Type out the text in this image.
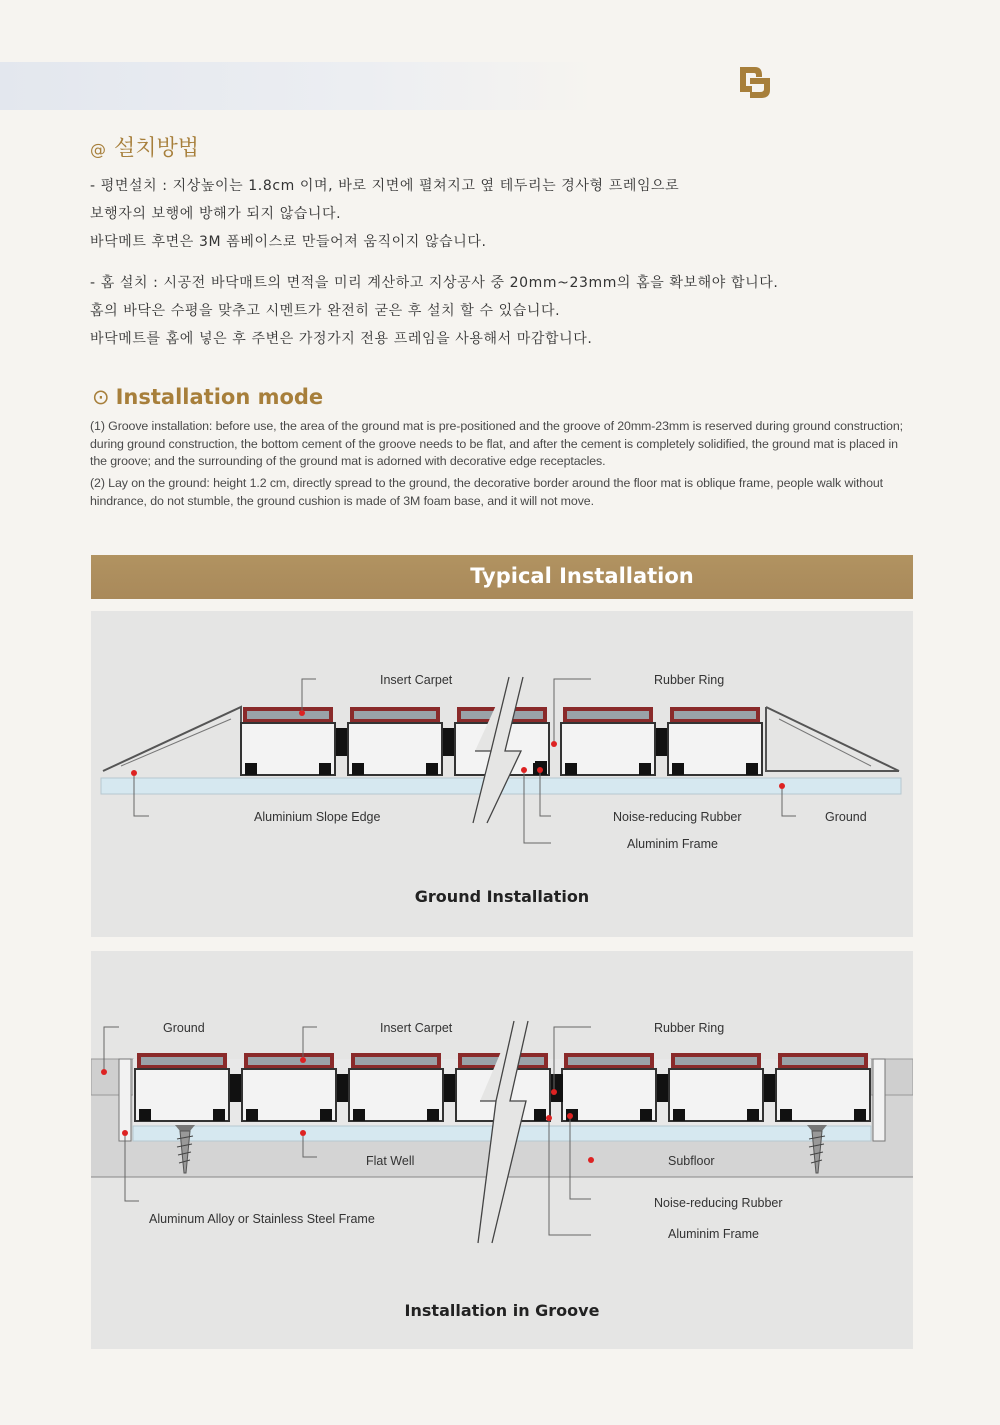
@ 설치방법
- 평면설치 : 지상높이는 1.8cm 이며, 바로 지면에 펼쳐지고 옆 테두리는 경사형 프레임으로
보행자의 보행에 방해가 되지 않습니다.
바닥메트 후면은 3M 폼베이스로 만들어져 움직이지 않습니다.
- 홈 설치 : 시공전 바닥매트의 면적을 미리 계산하고 지상공사 중 20mm~23mm의 홈을 확보해야 합니다.
홈의 바닥은 수평을 맞추고 시멘트가 완전히 굳은 후 설치 할 수 있습니다.
바닥메트를 홈에 넣은 후 주변은 가정가지 전용 프레임을 사용해서 마감합니다.
⊙ Installation mode
(1) Groove installation: before use, the area of the ground mat is pre-positioned and the groove of 20mm-23mm is reserved during ground construction; during ground construction, the bottom cement of the groove needs to be flat, and after the cement is completely solidified, the ground mat is placed in the groove; and the surrounding of the ground mat is adorned with decorative edge receptacles.
(2) Lay on the ground: height 1.2 cm, directly spread to the ground, the decorative border around the floor mat is oblique frame, people walk without hindrance, do not stumble, the ground cushion is made of 3M foam base, and it will not move.
Typical Installation
Insert Carpet	Rubber Ring
Aluminium Slope Edge	Noise-reducing Rubber	Ground
Aluminim Frame
Ground Installation
Ground	Insert Carpet	Rubber Ring
Flat Well	Subfloor
Noise-reducing Rubber
Aluminum Alloy or Stainless Steel Frame
Aluminim Frame
Installation in Groove
